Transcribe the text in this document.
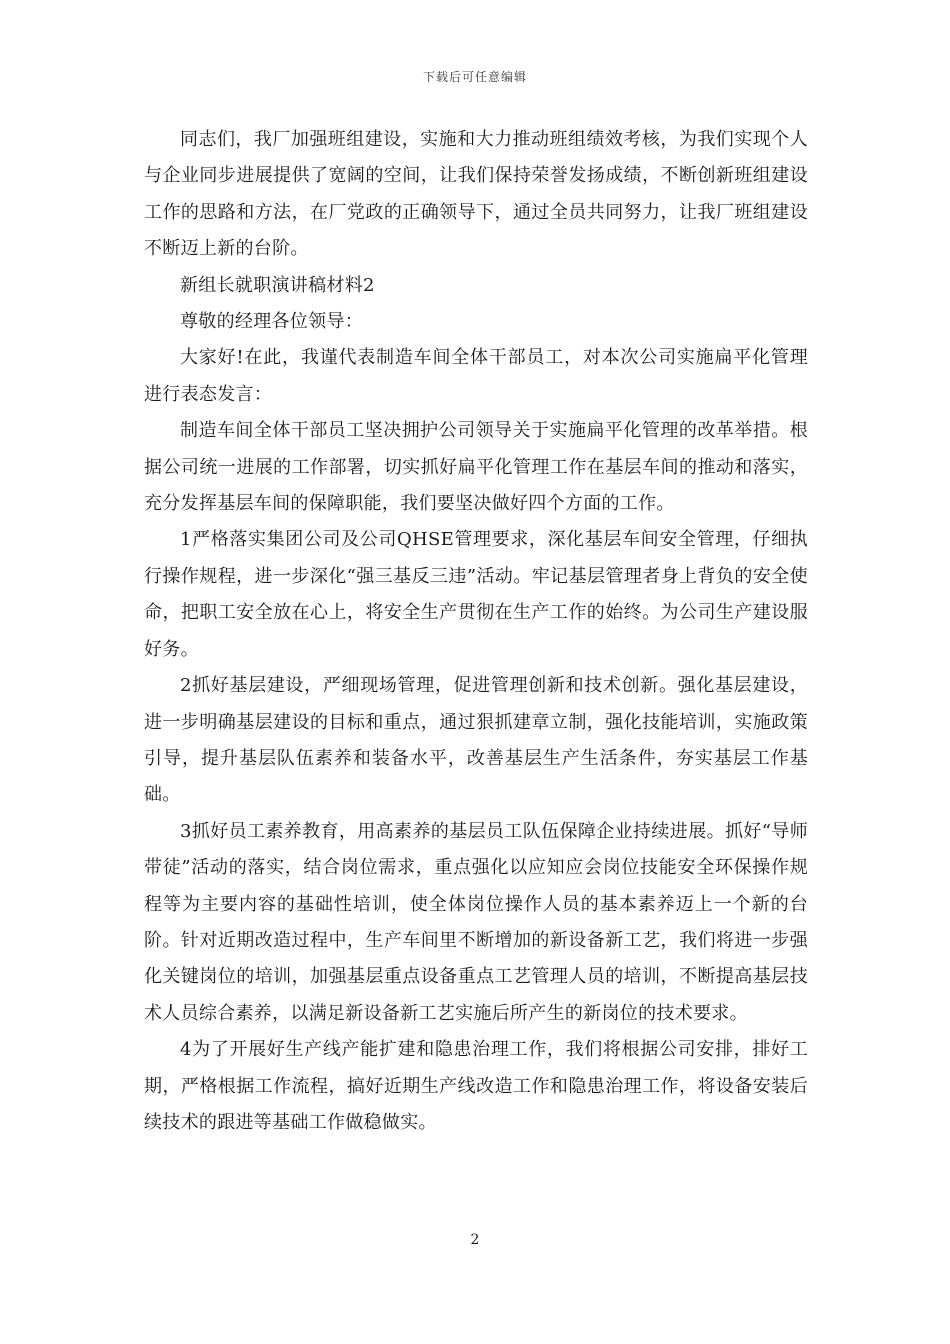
下载后可任意编辑

同志们，我厂加强班组建设，实施和大力推动班组绩效考核，为我们实现个人与企业同步进展提供了宽阔的空间，让我们保持荣誉发扬成绩，不断创新班组建设工作的思路和方法，在厂党政的正确领导下，通过全员共同努力，让我厂班组建设不断迈上新的台阶。

新组长就职演讲稿材料2

尊敬的经理各位领导：

大家好!在此，我谨代表制造车间全体干部员工，对本次公司实施扁平化管理进行表态发言：

制造车间全体干部员工坚决拥护公司领导关于实施扁平化管理的改革举措。根据公司统一进展的工作部署，切实抓好扁平化管理工作在基层车间的推动和落实，充分发挥基层车间的保障职能，我们要坚决做好四个方面的工作。

1严格落实集团公司及公司QHSE管理要求，深化基层车间安全管理，仔细执行操作规程，进一步深化“强三基反三违”活动。牢记基层管理者身上背负的安全使命，把职工安全放在心上，将安全生产贯彻在生产工作的始终。为公司生产建设服好务。

2抓好基层建设，严细现场管理，促进管理创新和技术创新。强化基层建设，进一步明确基层建设的目标和重点，通过狠抓建章立制，强化技能培训，实施政策引导，提升基层队伍素养和装备水平，改善基层生产生活条件，夯实基层工作基础。

3抓好员工素养教育，用高素养的基层员工队伍保障企业持续进展。抓好“导师带徒”活动的落实，结合岗位需求，重点强化以应知应会岗位技能安全环保操作规程等为主要内容的基础性培训，使全体岗位操作人员的基本素养迈上一个新的台阶。针对近期改造过程中，生产车间里不断增加的新设备新工艺，我们将进一步强化关键岗位的培训，加强基层重点设备重点工艺管理人员的培训，不断提高基层技术人员综合素养，以满足新设备新工艺实施后所产生的新岗位的技术要求。

4为了开展好生产线产能扩建和隐患治理工作，我们将根据公司安排，排好工期，严格根据工作流程，搞好近期生产线改造工作和隐患治理工作，将设备安装后续技术的跟进等基础工作做稳做实。

2
